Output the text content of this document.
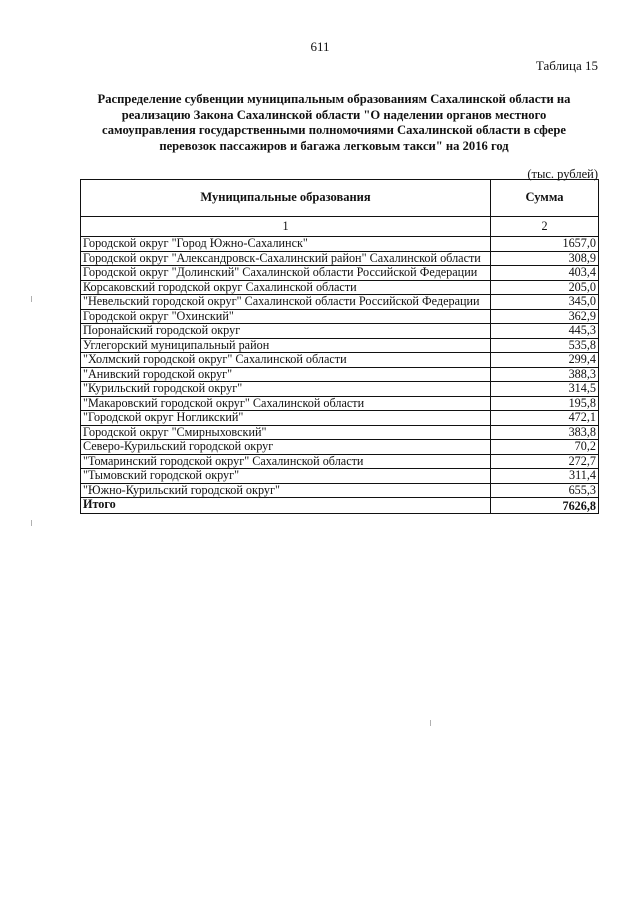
611
Таблица 15
Распределение субвенции муниципальным образованиям Сахалинской области на
реализацию Закона Сахалинской области "О наделении органов местного
самоуправления государственными полномочиями Сахалинской области в сфере
перевозок пассажиров и багажа легковым такси" на 2016 год
(тыс. рублей)
Муниципальные образования	Сумма
1	2
Городской округ "Город Южно-Сахалинск"	1657,0
Городской округ "Александровск-Сахалинский район" Сахалинской области	308,9
Городской округ "Долинский" Сахалинской области Российской Федерации	403,4
Корсаковский городской округ Сахалинской области	205,0
"Невельский городской округ" Сахалинской области Российской Федерации	345,0
Городской округ "Охинский"	362,9
Поронайский городской округ	445,3
Углегорский муниципальный район	535,8
"Холмский городской округ" Сахалинской области	299,4
"Анивский городской округ"	388,3
"Курильский городской округ"	314,5
"Макаровский городской округ" Сахалинской области	195,8
"Городской округ Ногликский"	472,1
Городской округ "Смирныховский"	383,8
Северо-Курильский городской округ	70,2
"Томаринский городской округ" Сахалинской области	272,7
"Тымовский городской округ"	311,4
"Южно-Курильский городской округ"	655,3
Итого	7626,8
